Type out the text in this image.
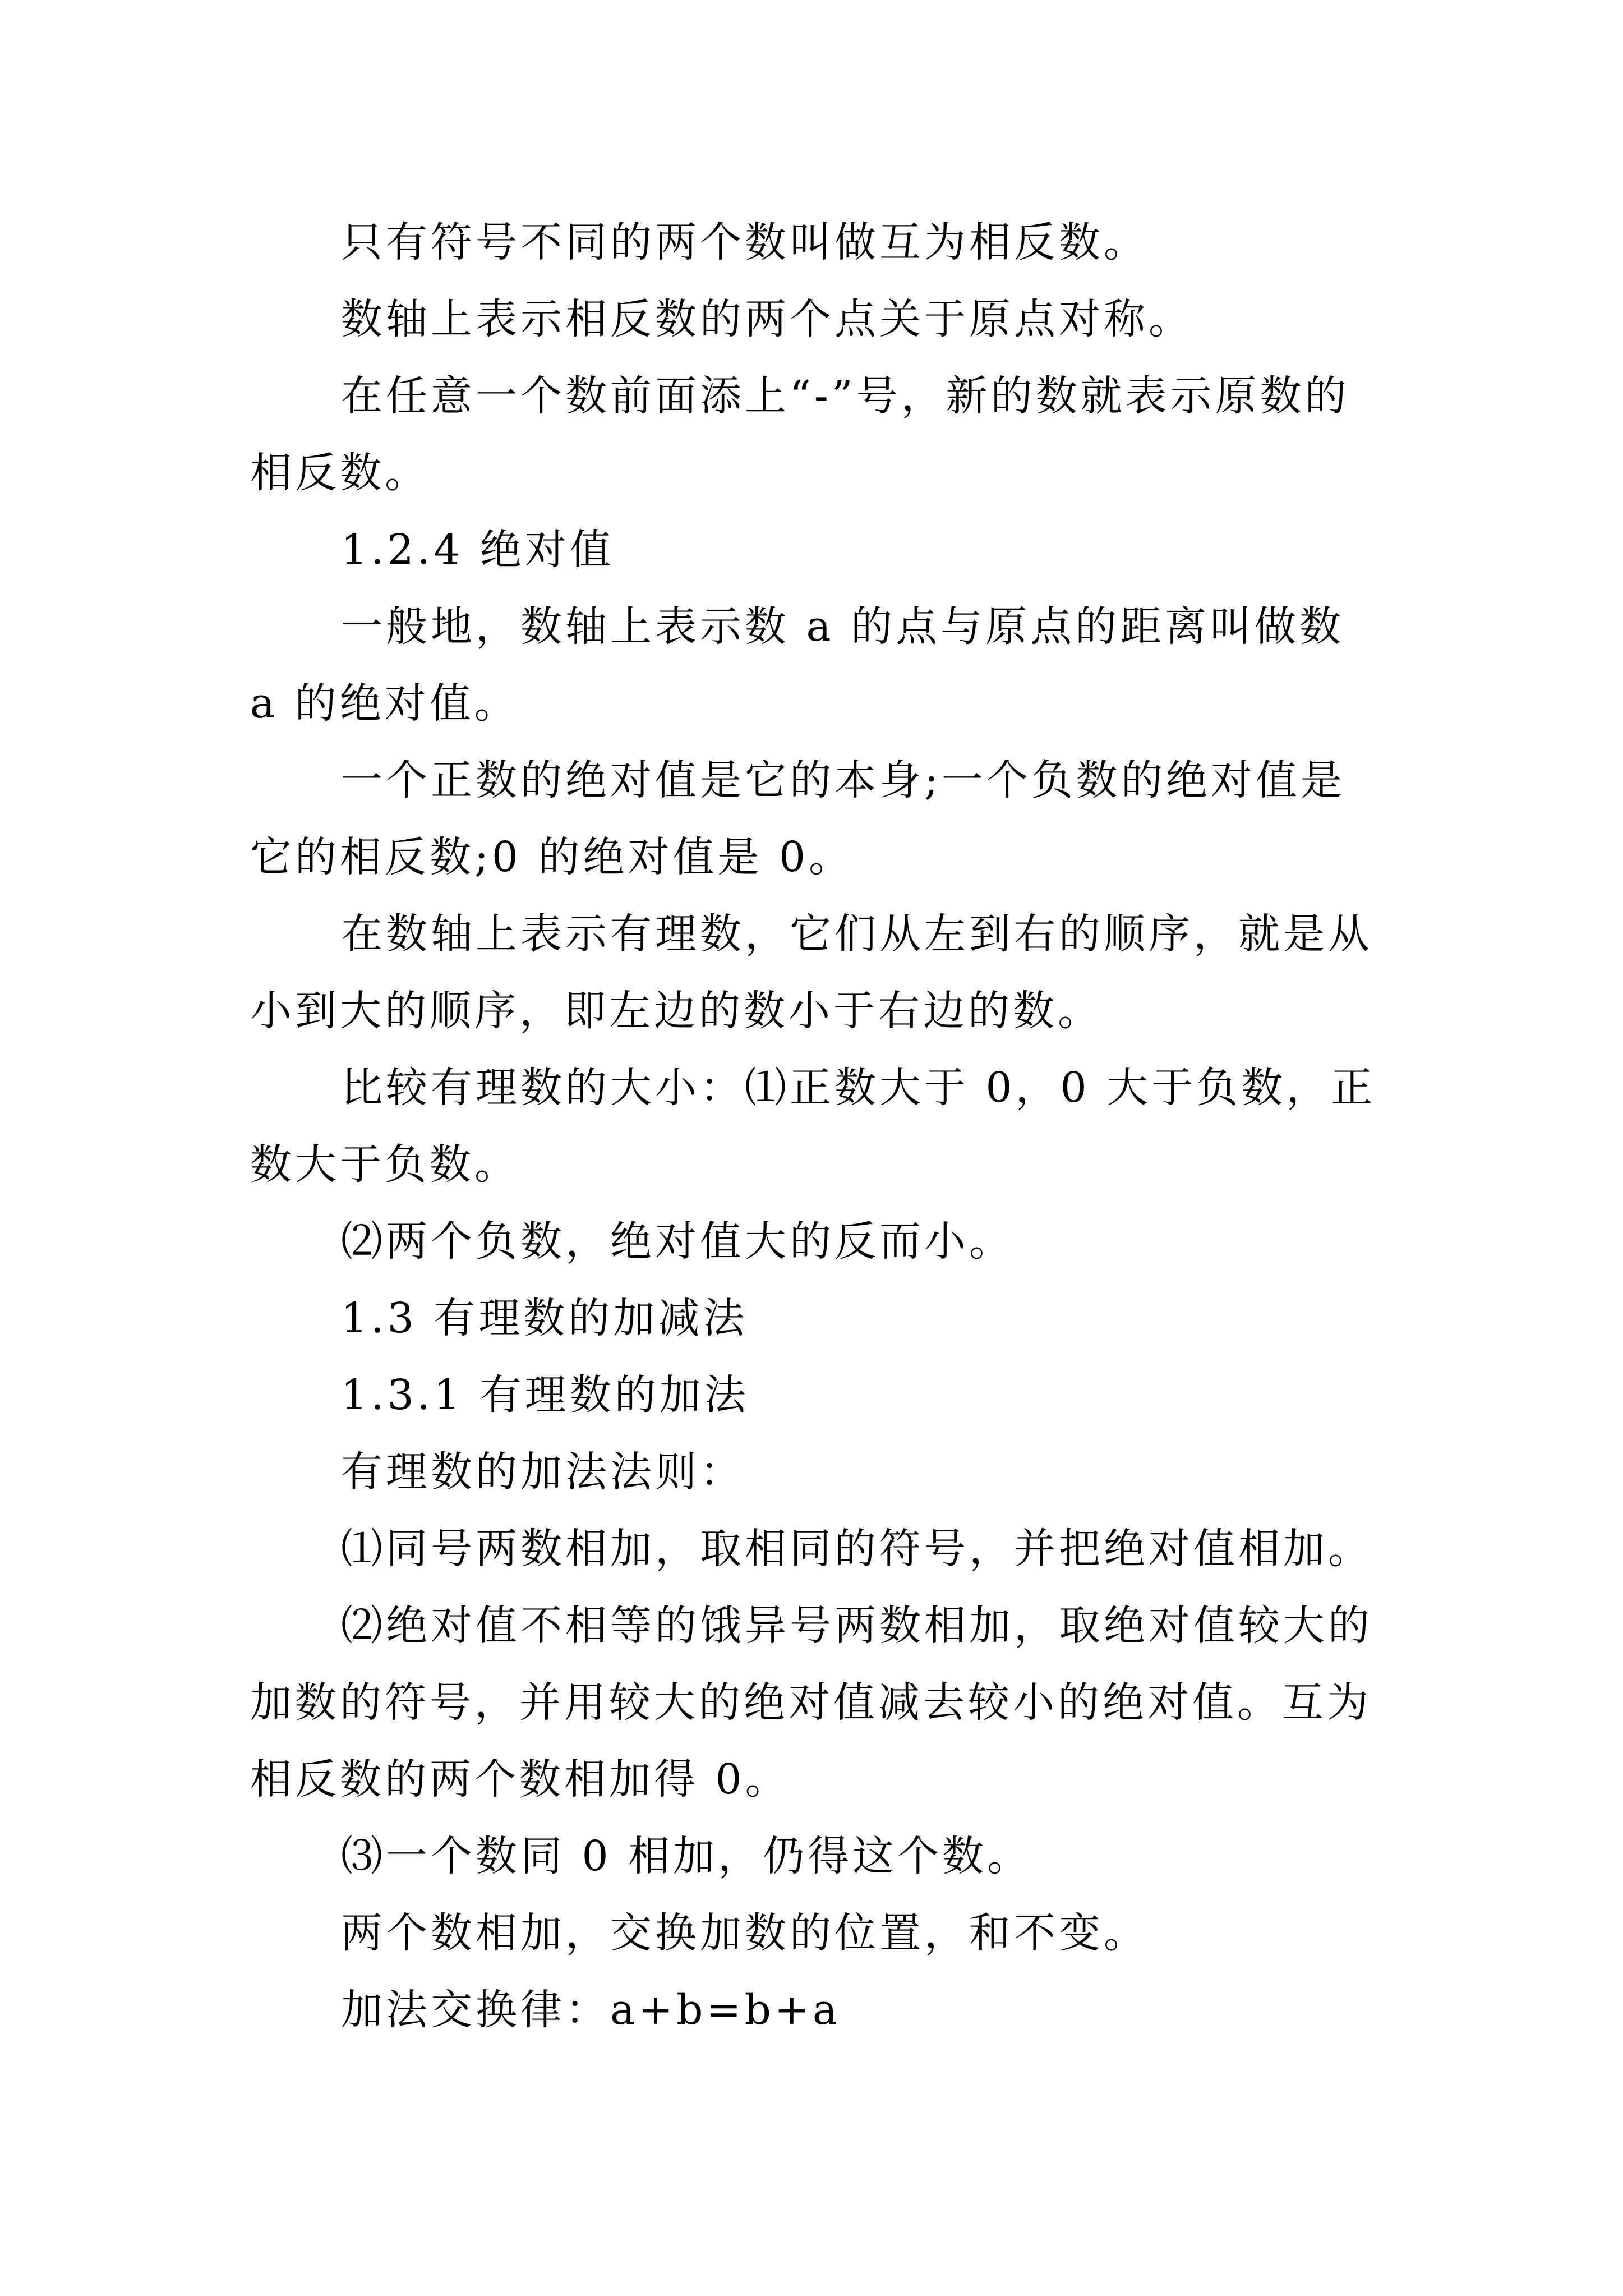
只有符号不同的两个数叫做互为相反数。

数轴上表示相反数的两个点关于原点对称。

在任意一个数前面添上“-”号，新的数就表示原数的相反数。

1.2.4 绝对值

一般地，数轴上表示数 a 的点与原点的距离叫做数 a 的绝对值。

一个正数的绝对值是它的本身;一个负数的绝对值是它的相反数;0 的绝对值是 0。

在数轴上表示有理数，它们从左到右的顺序，就是从小到大的顺序，即左边的数小于右边的数。

比较有理数的大小：⑴正数大于 0，0 大于负数，正数大于负数。

⑵两个负数，绝对值大的反而小。

1.3 有理数的加减法

1.3.1 有理数的加法

有理数的加法法则：

⑴同号两数相加，取相同的符号，并把绝对值相加。

⑵绝对值不相等的饿异号两数相加，取绝对值较大的加数的符号，并用较大的绝对值减去较小的绝对值。互为相反数的两个数相加得 0。

⑶一个数同 0 相加，仍得这个数。

两个数相加，交换加数的位置，和不变。

加法交换律：a+b=b+a
